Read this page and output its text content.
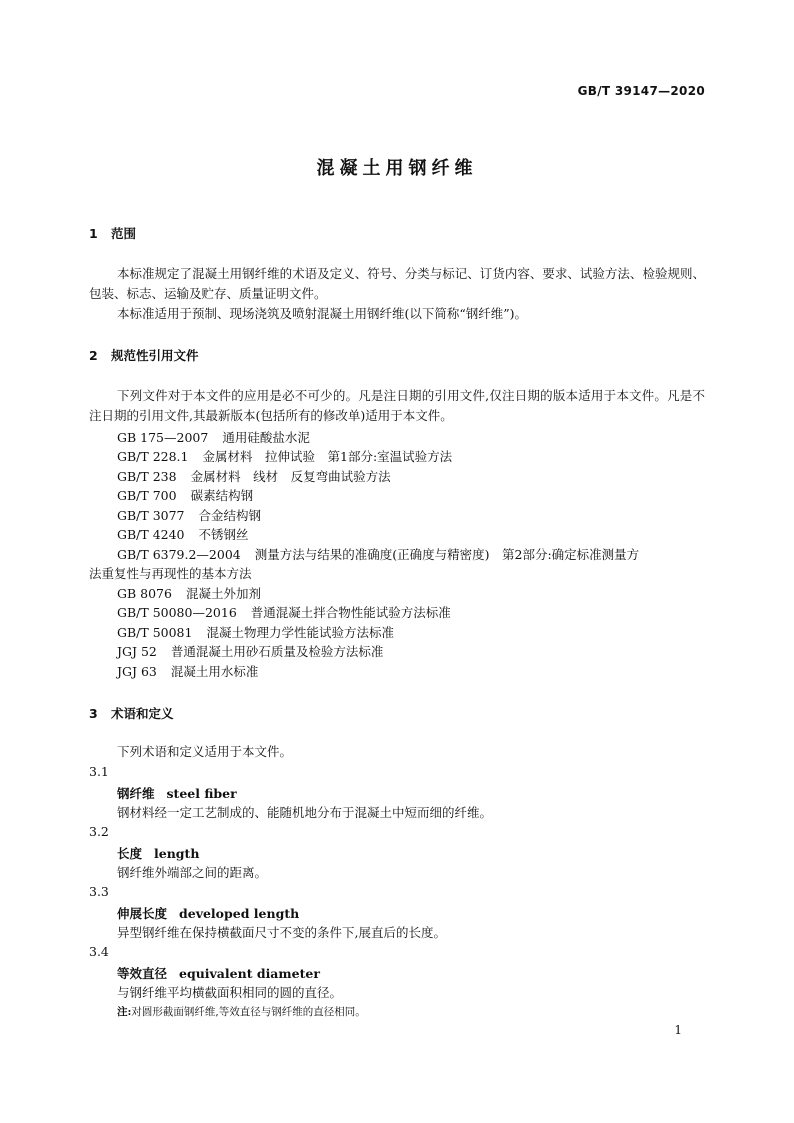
GB/T 39147—2020
混凝土用钢纤维
1 范围
本标准规定了混凝土用钢纤维的术语及定义、符号、分类与标记、订货内容、要求、试验方法、检验规则、包装、标志、运输及贮存、质量证明文件。
本标准适用于预制、现场浇筑及喷射混凝土用钢纤维(以下简称“钢纤维”)。
2 规范性引用文件
下列文件对于本文件的应用是必不可少的。凡是注日期的引用文件,仅注日期的版本适用于本文件。凡是不注日期的引用文件,其最新版本(包括所有的修改单)适用于本文件。
GB 175—2007 通用硅酸盐水泥
GB/T 228.1 金属材料　拉伸试验　第1部分:室温试验方法
GB/T 238 金属材料　线材　反复弯曲试验方法
GB/T 700 碳素结构钢
GB/T 3077 合金结构钢
GB/T 4240 不锈钢丝
GB/T 6379.2—2004 测量方法与结果的准确度(正确度与精密度)　第2部分:确定标准测量方
法重复性与再现性的基本方法
GB 8076 混凝土外加剂
GB/T 50080—2016 普通混凝土拌合物性能试验方法标准
GB/T 50081 混凝土物理力学性能试验方法标准
JGJ 52 普通混凝土用砂石质量及检验方法标准
JGJ 63 混凝土用水标准
3 术语和定义
下列术语和定义适用于本文件。
3.1
钢纤维 steel fiber
钢材料经一定工艺制成的、能随机地分布于混凝土中短而细的纤维。
3.2
长度 length
钢纤维外端部之间的距离。
3.3
伸展长度 developed length
异型钢纤维在保持横截面尺寸不变的条件下,展直后的长度。
3.4
等效直径 equivalent diameter
与钢纤维平均横截面积相同的圆的直径。
注:对圆形截面钢纤维,等效直径与钢纤维的直径相同。
1
